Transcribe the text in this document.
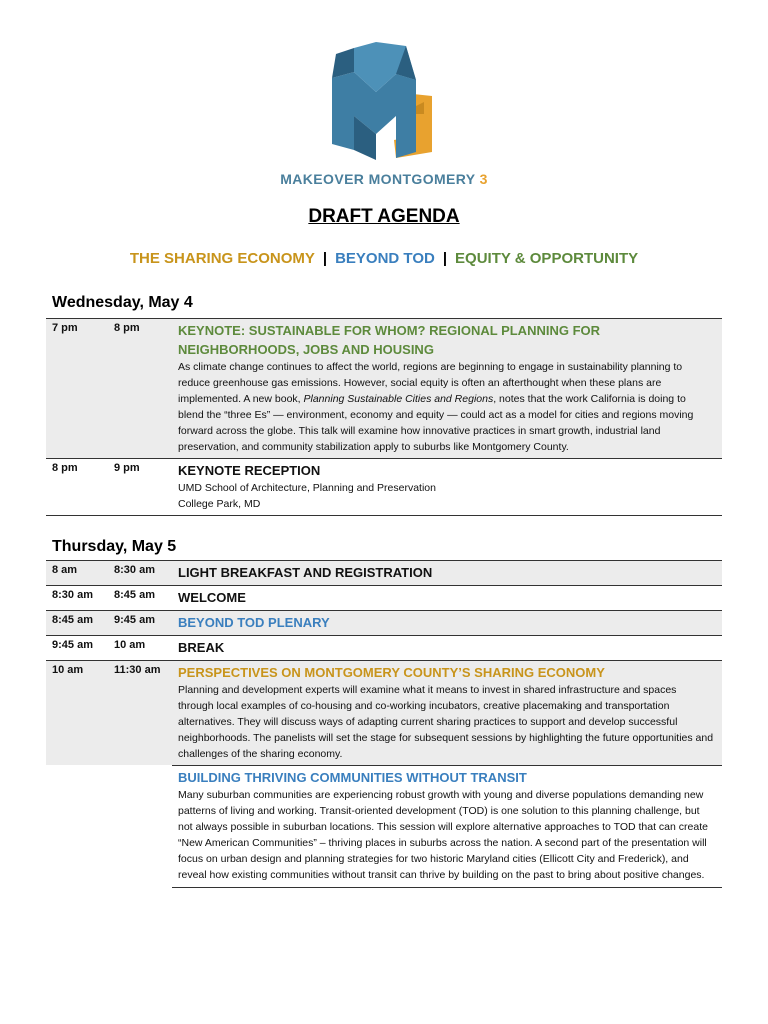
MAKEOVER MONTGOMERY 3
DRAFT AGENDA
THE SHARING ECONOMY | BEYOND TOD | EQUITY & OPPORTUNITY
Wednesday, May 4
7 pm	8 pm	KEYNOTE: SUSTAINABLE FOR WHOM? REGIONAL PLANNING FOR NEIGHBORHOODS, JOBS AND HOUSING
As climate change continues to affect the world, regions are beginning to engage in sustainability planning to reduce greenhouse gas emissions. However, social equity is often an afterthought when these plans are implemented. A new book, Planning Sustainable Cities and Regions, notes that the work California is doing to blend the “three Es” — environment, economy and equity — could act as a model for cities and regions moving forward across the globe. This talk will examine how innovative practices in smart growth, industrial land preservation, and community stabilization apply to suburbs like Montgomery County.
8 pm	9 pm	KEYNOTE RECEPTION
UMD School of Architecture, Planning and Preservation
College Park, MD
Thursday, May 5
8 am	8:30 am	LIGHT BREAKFAST AND REGISTRATION
8:30 am	8:45 am	WELCOME
8:45 am	9:45 am	BEYOND TOD PLENARY
9:45 am	10 am	BREAK
10 am	11:30 am	PERSPECTIVES ON MONTGOMERY COUNTY’S SHARING ECONOMY
Planning and development experts will examine what it means to invest in shared infrastructure and spaces through local examples of co-housing and co-working incubators, creative placemaking and transportation alternatives. They will discuss ways of adapting current sharing practices to support and develop successful neighborhoods. The panelists will set the stage for subsequent sessions by highlighting the future opportunities and challenges of the sharing economy.
BUILDING THRIVING COMMUNITIES WITHOUT TRANSIT
Many suburban communities are experiencing robust growth with young and diverse populations demanding new patterns of living and working. Transit-oriented development (TOD) is one solution to this planning challenge, but not always possible in suburban locations. This session will explore alternative approaches to TOD that can create “New American Communities” – thriving places in suburbs across the nation. A second part of the presentation will focus on urban design and planning strategies for two historic Maryland cities (Ellicott City and Frederick), and reveal how existing communities without transit can thrive by building on the past to bring about positive changes.
